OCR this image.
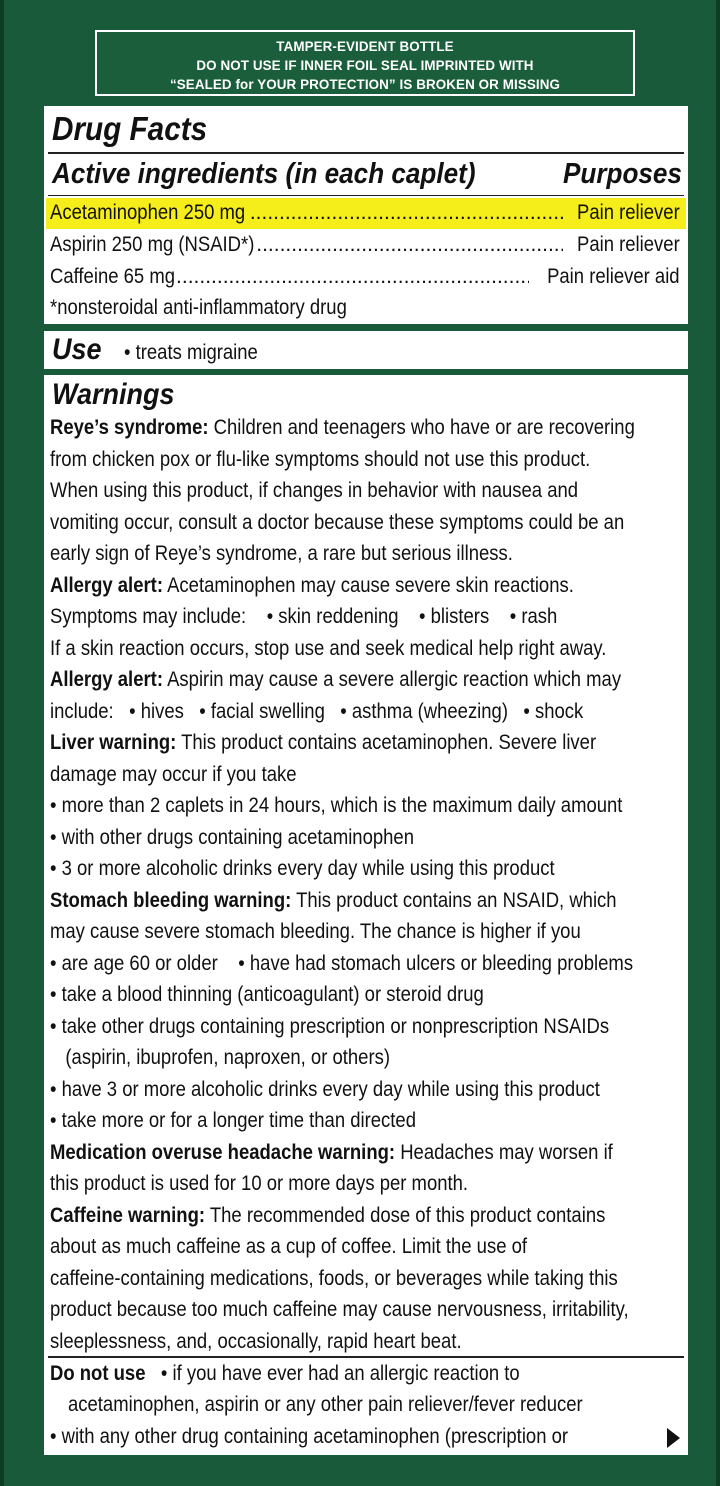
TAMPER-EVIDENT BOTTLE
DO NOT USE IF INNER FOIL SEAL IMPRINTED WITH
“SEALED for YOUR PROTECTION” IS BROKEN OR MISSING
Drug Facts
Active ingredients (in each caplet)	Purposes
Acetaminophen 250 mg .....	Pain reliever
Aspirin 250 mg (NSAID*) .....	Pain reliever
Caffeine 65 mg .....	Pain reliever aid
*nonsteroidal anti-inflammatory drug
Use • treats migraine
Warnings
Reye’s syndrome: Children and teenagers who have or are recovering
from chicken pox or flu-like symptoms should not use this product.
When using this product, if changes in behavior with nausea and
vomiting occur, consult a doctor because these symptoms could be an
early sign of Reye’s syndrome, a rare but serious illness.
Allergy alert: Acetaminophen may cause severe skin reactions.
Symptoms may include:    • skin reddening    • blisters    • rash
If a skin reaction occurs, stop use and seek medical help right away.
Allergy alert: Aspirin may cause a severe allergic reaction which may
include:   • hives   • facial swelling   • asthma (wheezing)   • shock
Liver warning: This product contains acetaminophen. Severe liver
damage may occur if you take
• more than 2 caplets in 24 hours, which is the maximum daily amount
• with other drugs containing acetaminophen
• 3 or more alcoholic drinks every day while using this product
Stomach bleeding warning: This product contains an NSAID, which
may cause severe stomach bleeding. The chance is higher if you
• are age 60 or older    • have had stomach ulcers or bleeding problems
• take a blood thinning (anticoagulant) or steroid drug
• take other drugs containing prescription or nonprescription NSAIDs
(aspirin, ibuprofen, naproxen, or others)
• have 3 or more alcoholic drinks every day while using this product
• take more or for a longer time than directed
Medication overuse headache warning: Headaches may worsen if
this product is used for 10 or more days per month.
Caffeine warning: The recommended dose of this product contains
about as much caffeine as a cup of coffee. Limit the use of
caffeine-containing medications, foods, or beverages while taking this
product because too much caffeine may cause nervousness, irritability,
sleeplessness, and, occasionally, rapid heart beat.
Do not use   • if you have ever had an allergic reaction to
acetaminophen, aspirin or any other pain reliever/fever reducer
• with any other drug containing acetaminophen (prescription or
